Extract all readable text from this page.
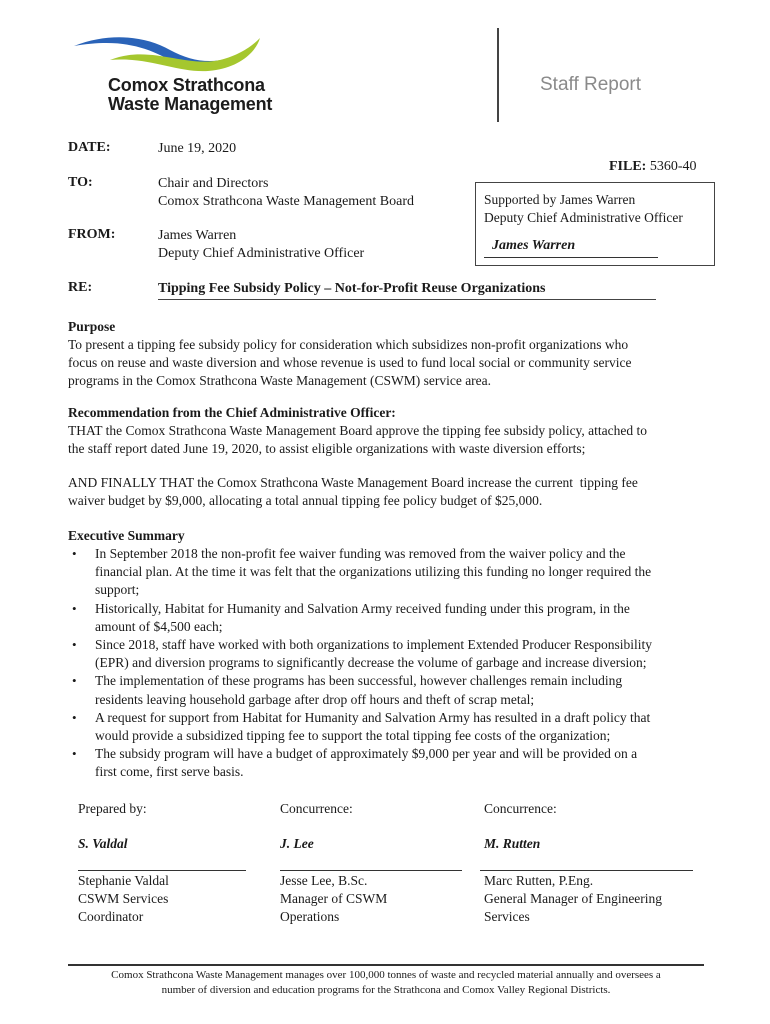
Comox Strathcona
Waste Management
Staff Report
DATE:	June 19, 2020
FILE: 5360-40
TO:	Chair and Directors
Comox Strathcona Waste Management Board
FROM:	James Warren
Deputy Chief Administrative Officer
Supported by James Warren
Deputy Chief Administrative Officer
James Warren
RE:	Tipping Fee Subsidy Policy – Not-for-Profit Reuse Organizations
Purpose
To present a tipping fee subsidy policy for consideration which subsidizes non-profit organizations who
focus on reuse and waste diversion and whose revenue is used to fund local social or community service
programs in the Comox Strathcona Waste Management (CSWM) service area.
Recommendation from the Chief Administrative Officer:
THAT the Comox Strathcona Waste Management Board approve the tipping fee subsidy policy, attached to
the staff report dated June 19, 2020, to assist eligible organizations with waste diversion efforts;
AND FINALLY THAT the Comox Strathcona Waste Management Board increase the current  tipping fee
waiver budget by $9,000, allocating a total annual tipping fee policy budget of $25,000.
Executive Summary
• In September 2018 the non-profit fee waiver funding was removed from the waiver policy and the
financial plan. At the time it was felt that the organizations utilizing this funding no longer required the
support;
• Historically, Habitat for Humanity and Salvation Army received funding under this program, in the
amount of $4,500 each;
• Since 2018, staff have worked with both organizations to implement Extended Producer Responsibility
(EPR) and diversion programs to significantly decrease the volume of garbage and increase diversion;
• The implementation of these programs has been successful, however challenges remain including
residents leaving household garbage after drop off hours and theft of scrap metal;
• A request for support from Habitat for Humanity and Salvation Army has resulted in a draft policy that
would provide a subsidized tipping fee to support the total tipping fee costs of the organization;
• The subsidy program will have a budget of approximately $9,000 per year and will be provided on a
first come, first serve basis.
Prepared by:
S. Valdal
Stephanie Valdal
CSWM Services
Coordinator
Concurrence:
J. Lee
Jesse Lee, B.Sc.
Manager of CSWM
Operations
Concurrence:
M. Rutten
Marc Rutten, P.Eng.
General Manager of Engineering
Services
Comox Strathcona Waste Management manages over 100,000 tonnes of waste and recycled material annually and oversees a
number of diversion and education programs for the Strathcona and Comox Valley Regional Districts.
